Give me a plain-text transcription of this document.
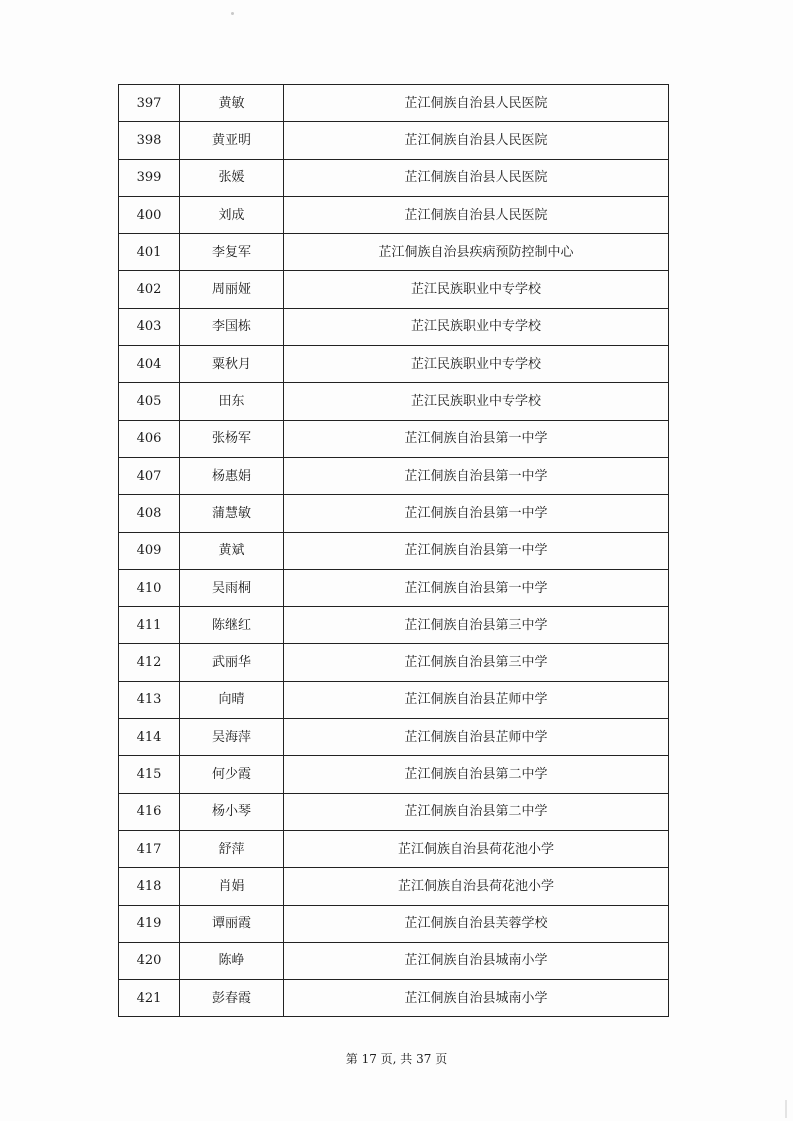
397	黄敏	芷江侗族自治县人民医院
398	黄亚明	芷江侗族自治县人民医院
399	张媛	芷江侗族自治县人民医院
400	刘成	芷江侗族自治县人民医院
401	李复军	芷江侗族自治县疾病预防控制中心
402	周丽娅	芷江民族职业中专学校
403	李国栋	芷江民族职业中专学校
404	粟秋月	芷江民族职业中专学校
405	田东	芷江民族职业中专学校
406	张杨军	芷江侗族自治县第一中学
407	杨惠娟	芷江侗族自治县第一中学
408	蒲慧敏	芷江侗族自治县第一中学
409	黄斌	芷江侗族自治县第一中学
410	吴雨桐	芷江侗族自治县第一中学
411	陈继红	芷江侗族自治县第三中学
412	武丽华	芷江侗族自治县第三中学
413	向晴	芷江侗族自治县芷师中学
414	吴海萍	芷江侗族自治县芷师中学
415	何少霞	芷江侗族自治县第二中学
416	杨小琴	芷江侗族自治县第二中学
417	舒萍	芷江侗族自治县荷花池小学
418	肖娟	芷江侗族自治县荷花池小学
419	谭丽霞	芷江侗族自治县芙蓉学校
420	陈峥	芷江侗族自治县城南小学
421	彭春霞	芷江侗族自治县城南小学
第 17 页, 共 37 页
